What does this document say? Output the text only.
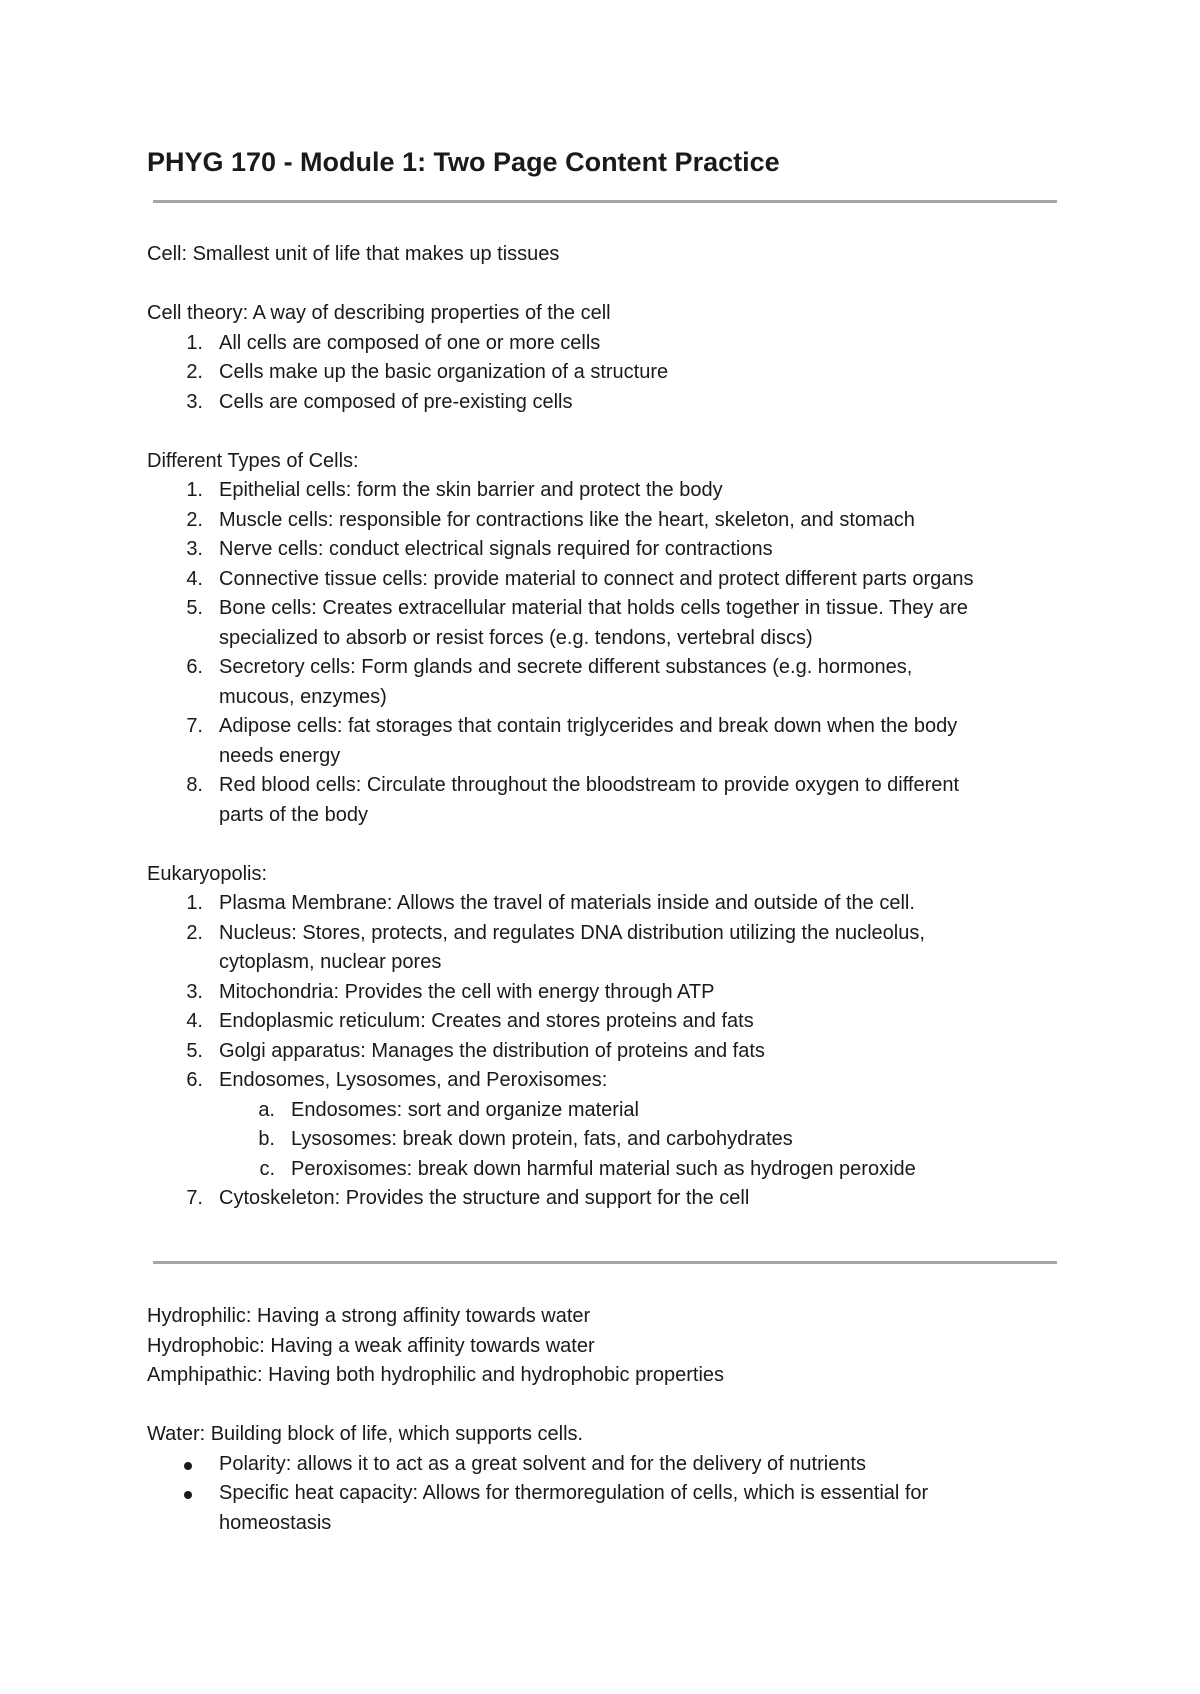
PHYG 170 - Module 1: Two Page Content Practice

Cell: Smallest unit of life that makes up tissues

Cell theory: A way of describing properties of the cell

1. All cells are composed of one or more cells

2. Cells make up the basic organization of a structure

3. Cells are composed of pre-existing cells

Different Types of Cells:

1. Epithelial cells: form the skin barrier and protect the body

2. Muscle cells: responsible for contractions like the heart, skeleton, and stomach

3. Nerve cells: conduct electrical signals required for contractions

4. Connective tissue cells: provide material to connect and protect different parts organs

5. Bone cells: Creates extracellular material that holds cells together in tissue. They are

specialized to absorb or resist forces (e.g. tendons, vertebral discs)

6. Secretory cells: Form glands and secrete different substances (e.g. hormones,

mucous, enzymes)

7. Adipose cells: fat storages that contain triglycerides and break down when the body

needs energy

8. Red blood cells: Circulate throughout the bloodstream to provide oxygen to different

parts of the body

Eukaryopolis:

1. Plasma Membrane: Allows the travel of materials inside and outside of the cell.

2. Nucleus: Stores, protects, and regulates DNA distribution utilizing the nucleolus,

cytoplasm, nuclear pores

3. Mitochondria: Provides the cell with energy through ATP

4. Endoplasmic reticulum: Creates and stores proteins and fats

5. Golgi apparatus: Manages the distribution of proteins and fats

6. Endosomes, Lysosomes, and Peroxisomes:

a. Endosomes: sort and organize material

b. Lysosomes: break down protein, fats, and carbohydrates

c. Peroxisomes: break down harmful material such as hydrogen peroxide

7. Cytoskeleton: Provides the structure and support for the cell

Hydrophilic: Having a strong affinity towards water

Hydrophobic: Having a weak affinity towards water

Amphipathic: Having both hydrophilic and hydrophobic properties

Water: Building block of life, which supports cells.

Polarity: allows it to act as a great solvent and for the delivery of nutrients

Specific heat capacity: Allows for thermoregulation of cells, which is essential for

homeostasis
